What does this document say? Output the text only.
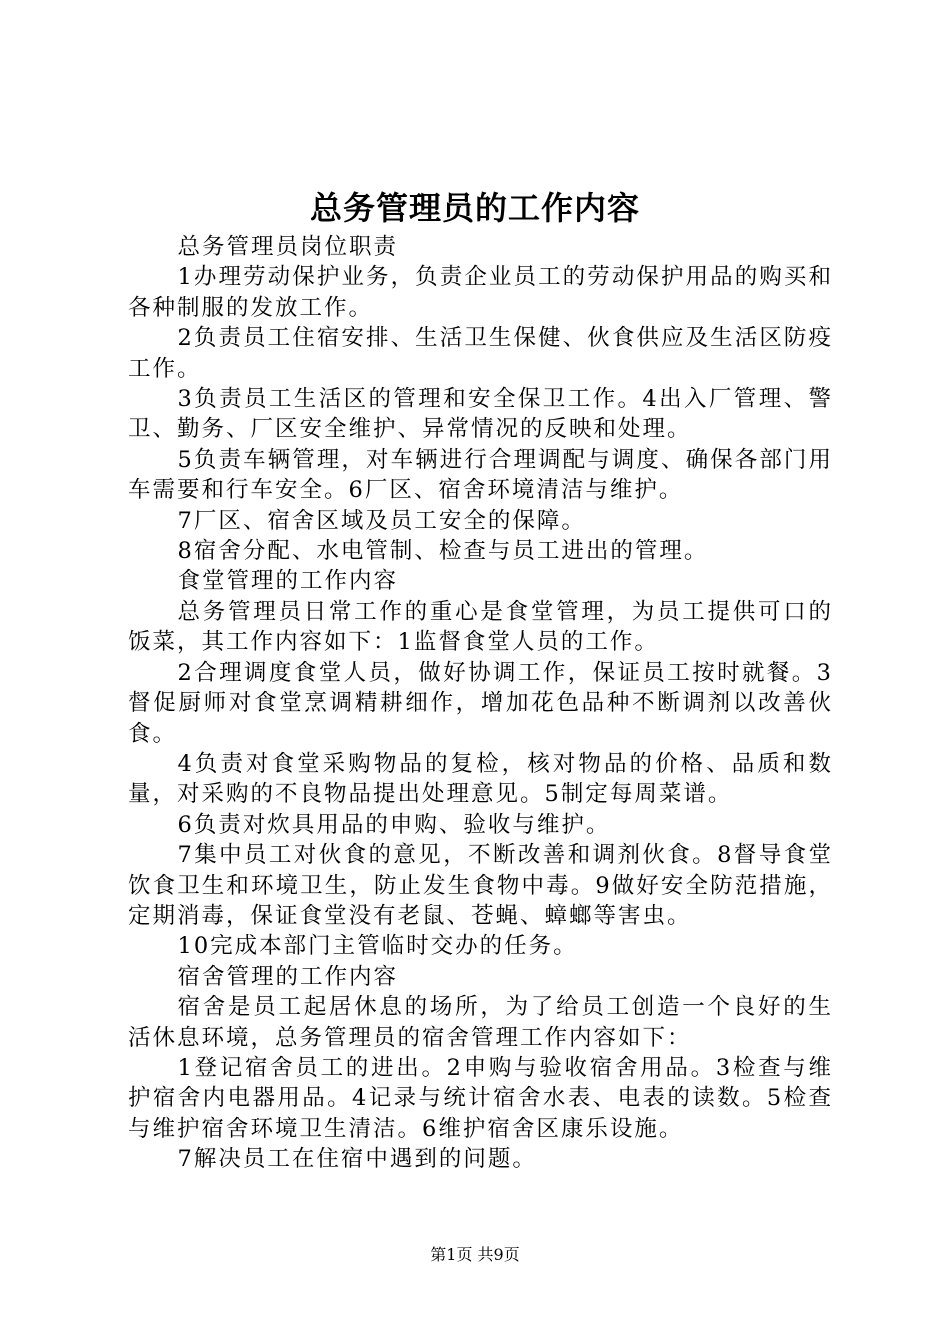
总务管理员的工作内容

总务管理员岗位职责

1办理劳动保护业务，负责企业员工的劳动保护用品的购买和各种制服的发放工作。

2负责员工住宿安排、生活卫生保健、伙食供应及生活区防疫工作。

3负责员工生活区的管理和安全保卫工作。4出入厂管理、警卫、勤务、厂区安全维护、异常情况的反映和处理。

5负责车辆管理，对车辆进行合理调配与调度、确保各部门用车需要和行车安全。6厂区、宿舍环境清洁与维护。

7厂区、宿舍区域及员工安全的保障。

8宿舍分配、水电管制、检查与员工进出的管理。

食堂管理的工作内容

总务管理员日常工作的重心是食堂管理，为员工提供可口的饭菜，其工作内容如下：1监督食堂人员的工作。

2合理调度食堂人员，做好协调工作，保证员工按时就餐。3督促厨师对食堂烹调精耕细作，增加花色品种不断调剂以改善伙食。

4负责对食堂采购物品的复检，核对物品的价格、品质和数量，对采购的不良物品提出处理意见。5制定每周菜谱。

6负责对炊具用品的申购、验收与维护。

7集中员工对伙食的意见，不断改善和调剂伙食。8督导食堂饮食卫生和环境卫生，防止发生食物中毒。9做好安全防范措施，定期消毒，保证食堂没有老鼠、苍蝇、蟑螂等害虫。

10完成本部门主管临时交办的任务。

宿舍管理的工作内容

宿舍是员工起居休息的场所，为了给员工创造一个良好的生活休息环境，总务管理员的宿舍管理工作内容如下：

1登记宿舍员工的进出。2申购与验收宿舍用品。3检查与维护宿舍内电器用品。4记录与统计宿舍水表、电表的读数。5检查与维护宿舍环境卫生清洁。6维护宿舍区康乐设施。

7解决员工在住宿中遇到的问题。

第1页 共9页
